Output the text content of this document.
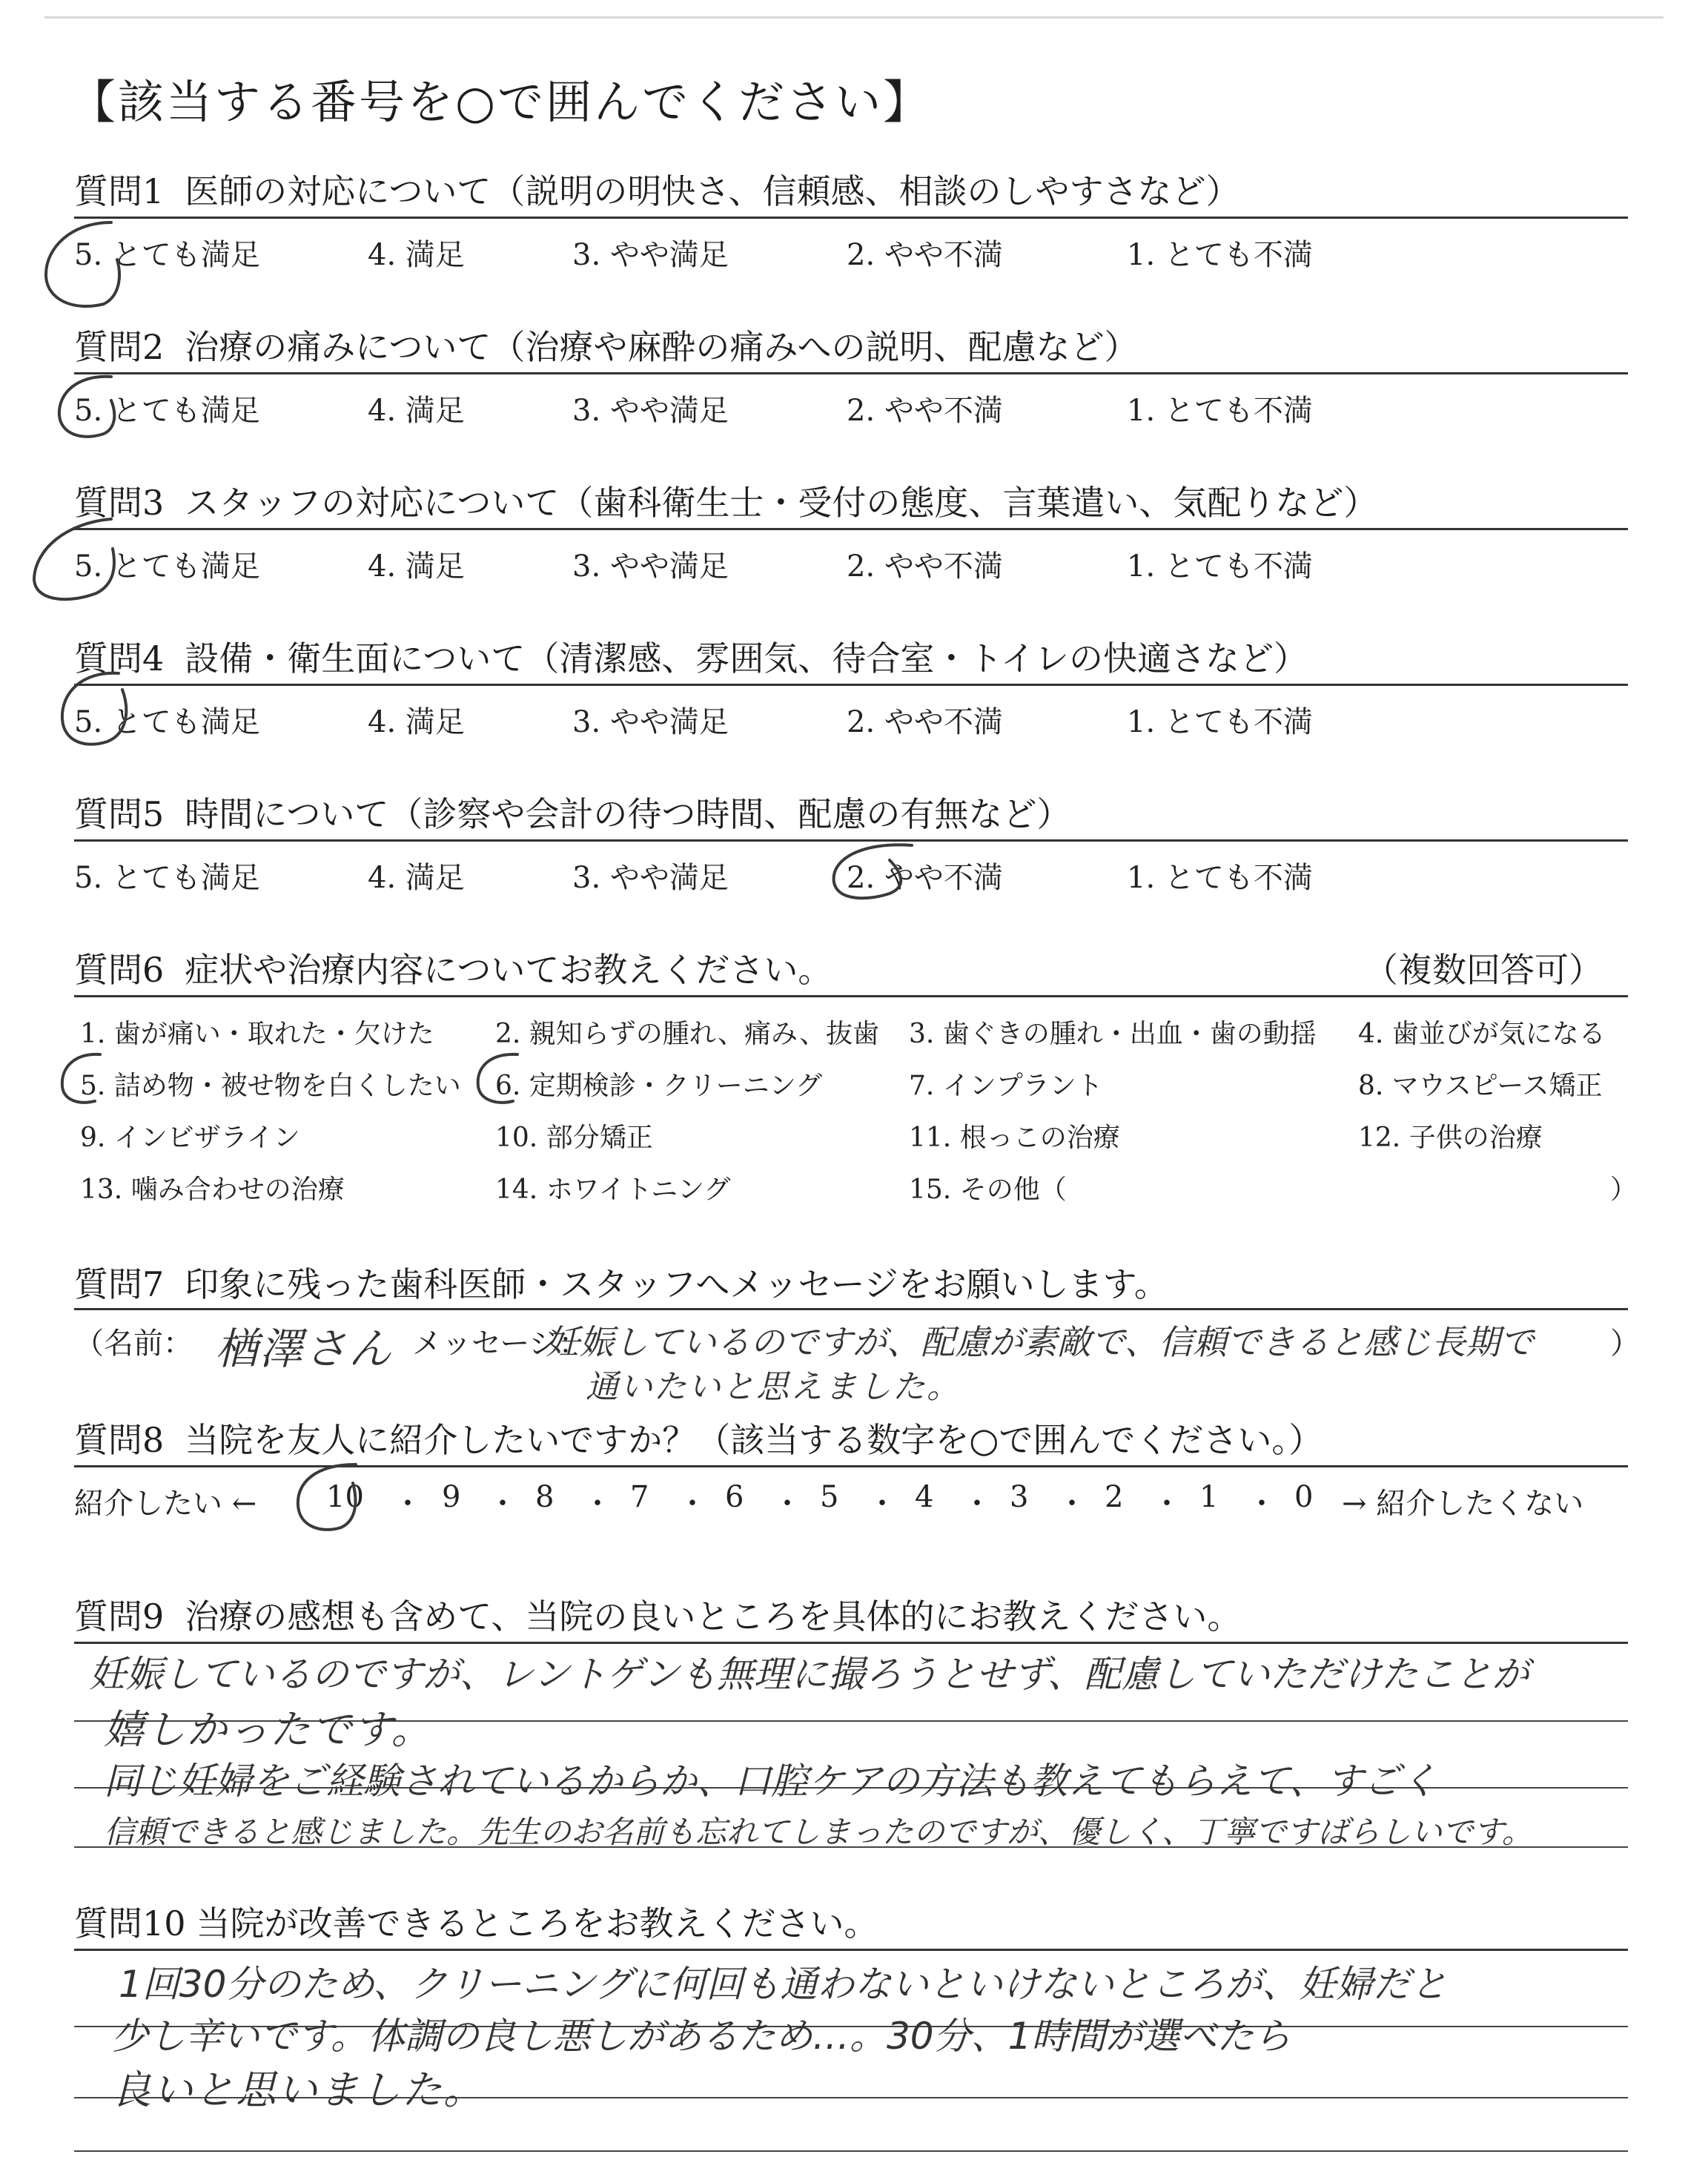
【該当する番号を○で囲んでください】
質問1 医師の対応について（説明の明快さ、信頼感、相談のしやすさなど）
5. とても満足	4. 満足	3. やや満足	2. やや不満	1. とても不満
質問2 治療の痛みについて（治療や麻酔の痛みへの説明、配慮など）
5. とても満足	4. 満足	3. やや満足	2. やや不満	1. とても不満
質問3 スタッフの対応について（歯科衛生士・受付の態度、言葉遣い、気配りなど）
5. とても満足	4. 満足	3. やや満足	2. やや不満	1. とても不満
質問4 設備・衛生面について（清潔感、雰囲気、待合室・トイレの快適さなど）
5. とても満足	4. 満足	3. やや満足	2. やや不満	1. とても不満
質問5 時間について（診察や会計の待つ時間、配慮の有無など）
5. とても満足	4. 満足	3. やや満足	2. やや不満	1. とても不満
質問6 症状や治療内容についてお教えください。	（複数回答可）
1. 歯が痛い・取れた・欠けた 2. 親知らずの腫れ、痛み、抜歯 3. 歯ぐきの腫れ・出血・歯の動揺 4. 歯並びが気になる
5. 詰め物・被せ物を白くしたい 6. 定期検診・クリーニング	7. インプラント	8. マウスピース矯正
9. インビザライン	10. 部分矯正	11. 根っこの治療	12. 子供の治療
13. 噛み合わせの治療	14. ホワイトニング	15. その他（	）
質問7 印象に残った歯科医師・スタッフへメッセージをお願いします。
（名前： 楢澤さん メッセージ：
妊娠しているのですが、配慮が素敵で、信頼できると感じ長期で	）
通いたいと思えました。
質問8 当院を友人に紹介したいですか？（該当する数字を○で囲んでください。）
紹介したい ← 10 ・ 9 ・ 8 ・ 7 ・ 6 ・ 5 ・ 4 ・ 3 ・ 2 ・ 1 ・ 0 → 紹介したくない
質問9 治療の感想も含めて、当院の良いところを具体的にお教えください。
妊娠しているのですが、レントゲンも無理に撮ろうとせず、配慮していただけたことが
嬉しかったです。
同じ妊婦をご経験されているからか、口腔ケアの方法も教えてもらえて、すごく
信頼できると感じました。先生のお名前も忘れてしまったのですが、優しく、丁寧ですばらしいです。
質問10 当院が改善できるところをお教えください。
1回30分のため、クリーニングに何回も通わないといけないところが、妊婦だと
少し辛いです。体調の良し悪しがあるため…。30分、1時間が選べたら
良いと思いました。
